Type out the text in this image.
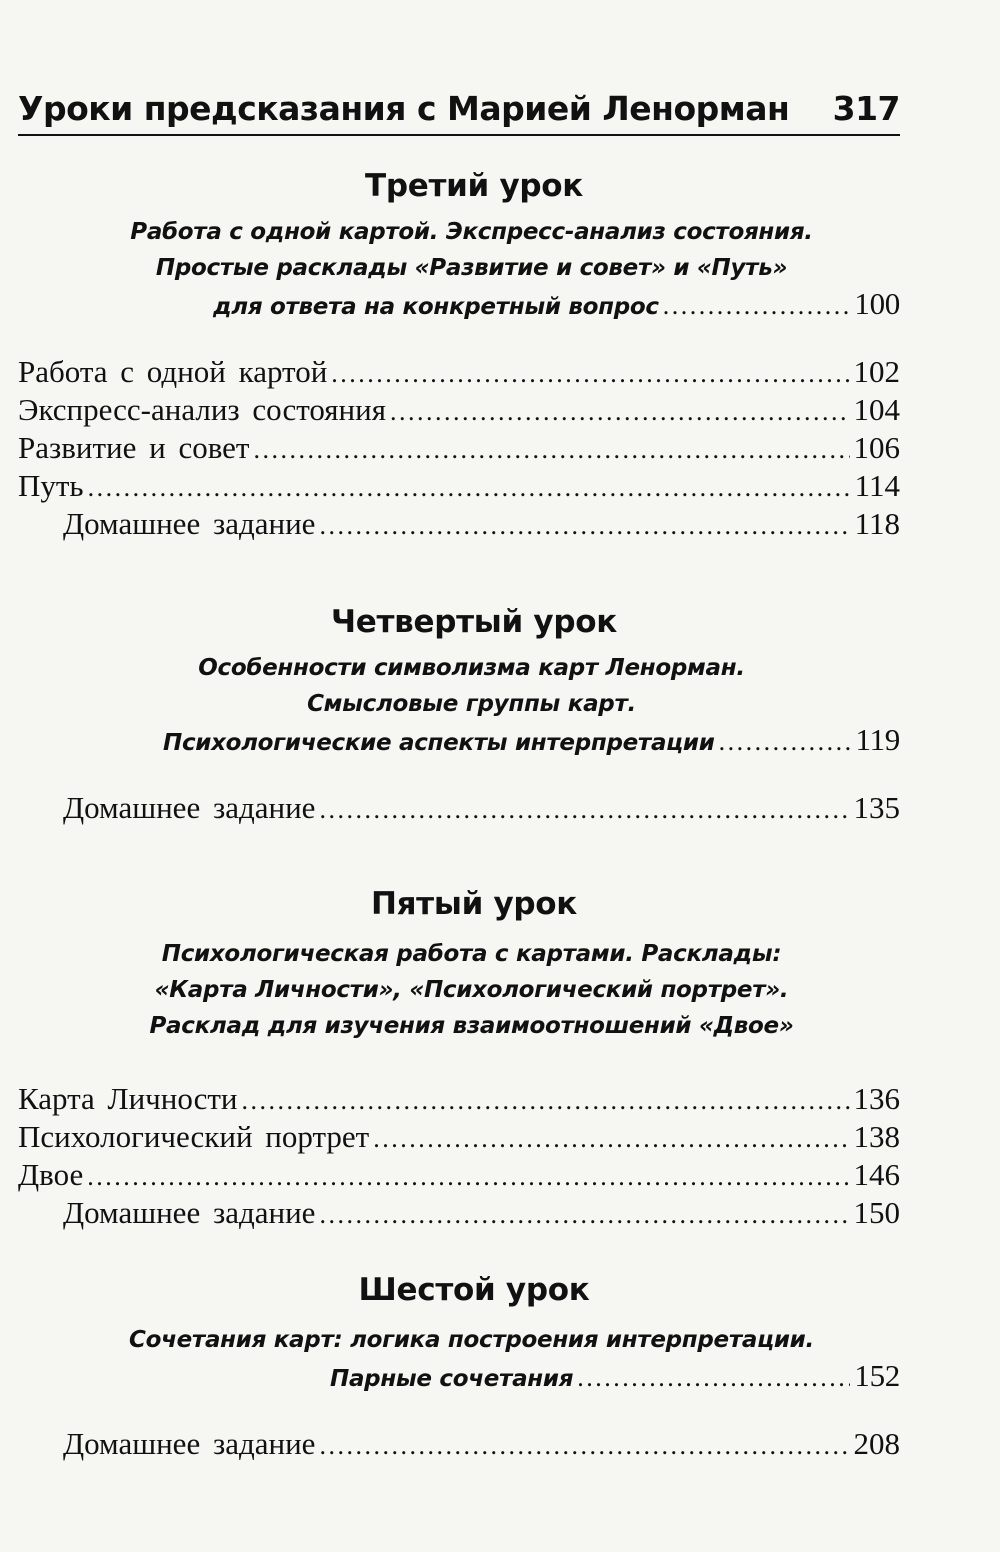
Уроки предсказания с Марией Ленорман 317
Третий урок
Работа с одной картой. Экспресс-анализ состояния.
Простые расклады «Развитие и совет» и «Путь»
для ответа на конкретный вопрос . . .	100
Работа с одной картой . . .	102
Экспресс-анализ состояния . . .	104
Развитие и совет . . .	106
Путь . . .	114
Домашнее задание . . .	118
Четвертый урок
Особенности символизма карт Ленорман.
Смысловые группы карт.
Психологические аспекты интерпретации . . .	119
Домашнее задание . . .	135
Пятый урок
Психологическая работа с картами. Расклады:
«Карта Личности», «Психологический портрет».
Расклад для изучения взаимоотношений «Двое»
Карта Личности . . .	136
Психологический портрет . . .	138
Двое . . .	146
Домашнее задание . . .	150
Шестой урок
Сочетания карт: логика построения интерпретации.
Парные сочетания . . .	152
Домашнее задание . . .	208
